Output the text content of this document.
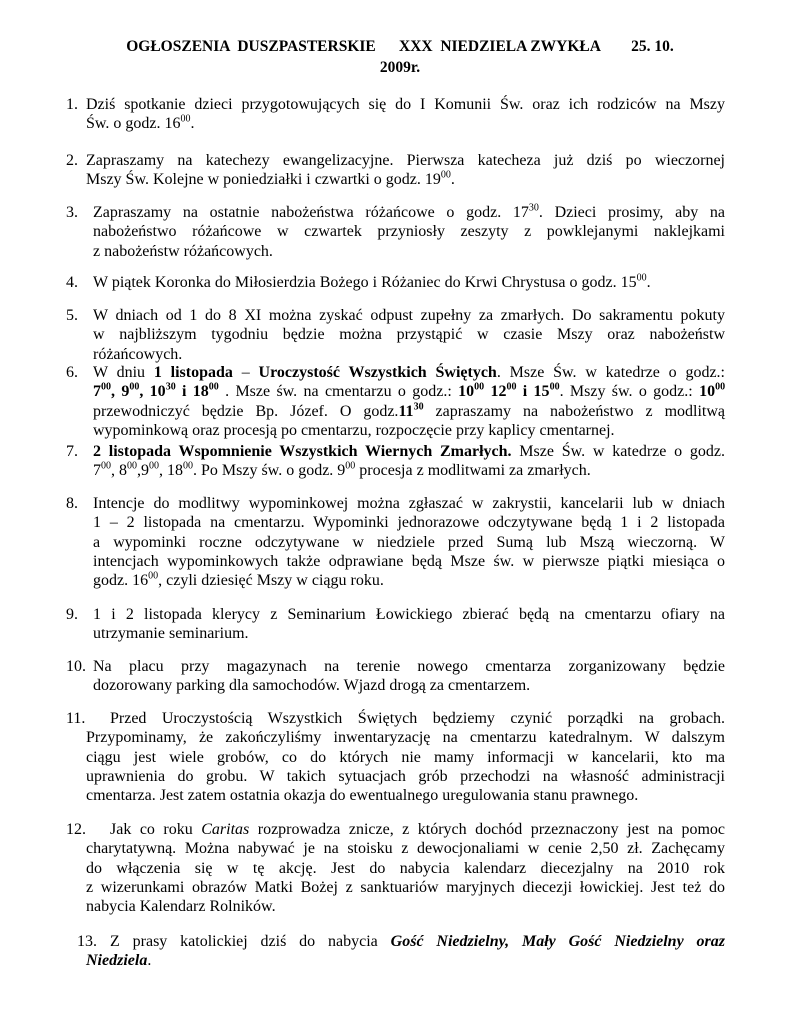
OGŁOSZENIA  DUSZPASTERSKIE      XXX  NIEDZIELA ZWYKŁA        25. 10.
2009r.
1. Dziś spotkanie dzieci przygotowujących się do I Komunii Św. oraz ich rodziców na Mszy
Św. o godz. $16^{00}$.
2. Zapraszamy na katechezy ewangelizacyjne. Pierwsza katecheza już dziś po wieczornej
Mszy Św. Kolejne w poniedziałki i czwartki o godz. $19^{00}$.
3. Zapraszamy na ostatnie nabożeństwa różańcowe o godz. $17^{30}$. Dzieci prosimy, aby na
nabożeństwo różańcowe w czwartek przyniosły zeszyty z powklejanymi naklejkami
z nabożeństw różańcowych.
4. W piątek Koronka do Miłosierdzia Bożego i Różaniec do Krwi Chrystusa o godz. $15^{00}$.
5. W dniach od 1 do 8 XI można zyskać odpust zupełny za zmarłych. Do sakramentu pokuty
w najbliższym tygodniu będzie można przystąpić w czasie Mszy oraz nabożeństw
różańcowych.
6. W dniu 1 listopada – Uroczystość Wszystkich Świętych. Msze Św. w katedrze o godz.:
$7^{00}$, $9^{00}$, $10^{30}$ i $18^{00}$ . Msze św. na cmentarzu o godz.: $10^{00}$ $12^{00}$ i $15^{00}$. Mszy św. o godz.: $10^{00}$
przewodniczyć będzie Bp. Józef. O $godz.11^{30}$ zapraszamy na nabożeństwo z modlitwą
wypominkową oraz procesją po cmentarzu, rozpoczęcie przy kaplicy cmentarnej.
7. 2 listopada Wspomnienie Wszystkich Wiernych Zmarłych. Msze Św. w katedrze o godz.
$7^{00}$, $8^{00},9^{00}$, $18^{00}$. Po Mszy św. o godz. $9^{00}$ procesja z modlitwami za zmarłych.
8. Intencje do modlitwy wypominkowej można zgłaszać w zakrystii, kancelarii lub w dniach
1 – 2 listopada na cmentarzu. Wypominki jednorazowe odczytywane będą 1 i 2 listopada
a wypominki roczne odczytywane w niedziele przed Sumą lub Mszą wieczorną. W
intencjach wypominkowych także odprawiane będą Msze św. w pierwsze piątki miesiąca o
godz. $16^{00}$, czyli dziesięć Mszy w ciągu roku.
9. 1 i 2 listopada klerycy z Seminarium Łowickiego zbierać będą na cmentarzu ofiary na
utrzymanie seminarium.
10. Na placu przy magazynach na terenie nowego cmentarza zorganizowany będzie
dozorowany parking dla samochodów. Wjazd drogą za cmentarzem.
11.	Przed Uroczystością Wszystkich Świętych będziemy czynić porządki na grobach.
Przypominamy, że zakończyliśmy inwentaryzację na cmentarzu katedralnym. W dalszym
ciągu jest wiele grobów, co do których nie mamy informacji w kancelarii, kto ma
uprawnienia do grobu. W takich sytuacjach grób przechodzi na własność administracji
cmentarza. Jest zatem ostatnia okazja do ewentualnego uregulowania stanu prawnego.
12.	Jak co roku Caritas rozprowadza znicze, z których dochód przeznaczony jest na pomoc
charytatywną. Można nabywać je na stoisku z dewocjonaliami w cenie 2,50 zł. Zachęcamy
do włączenia się w tę akcję. Jest do nabycia kalendarz diecezjalny na 2010 rok
z wizerunkami obrazów Matki Bożej z sanktuariów maryjnych diecezji łowickiej. Jest też do
nabycia Kalendarz Rolników.
13. Z prasy katolickiej dziś do nabycia Gość Niedzielny, Mały Gość Niedzielny oraz
Niedziela.
